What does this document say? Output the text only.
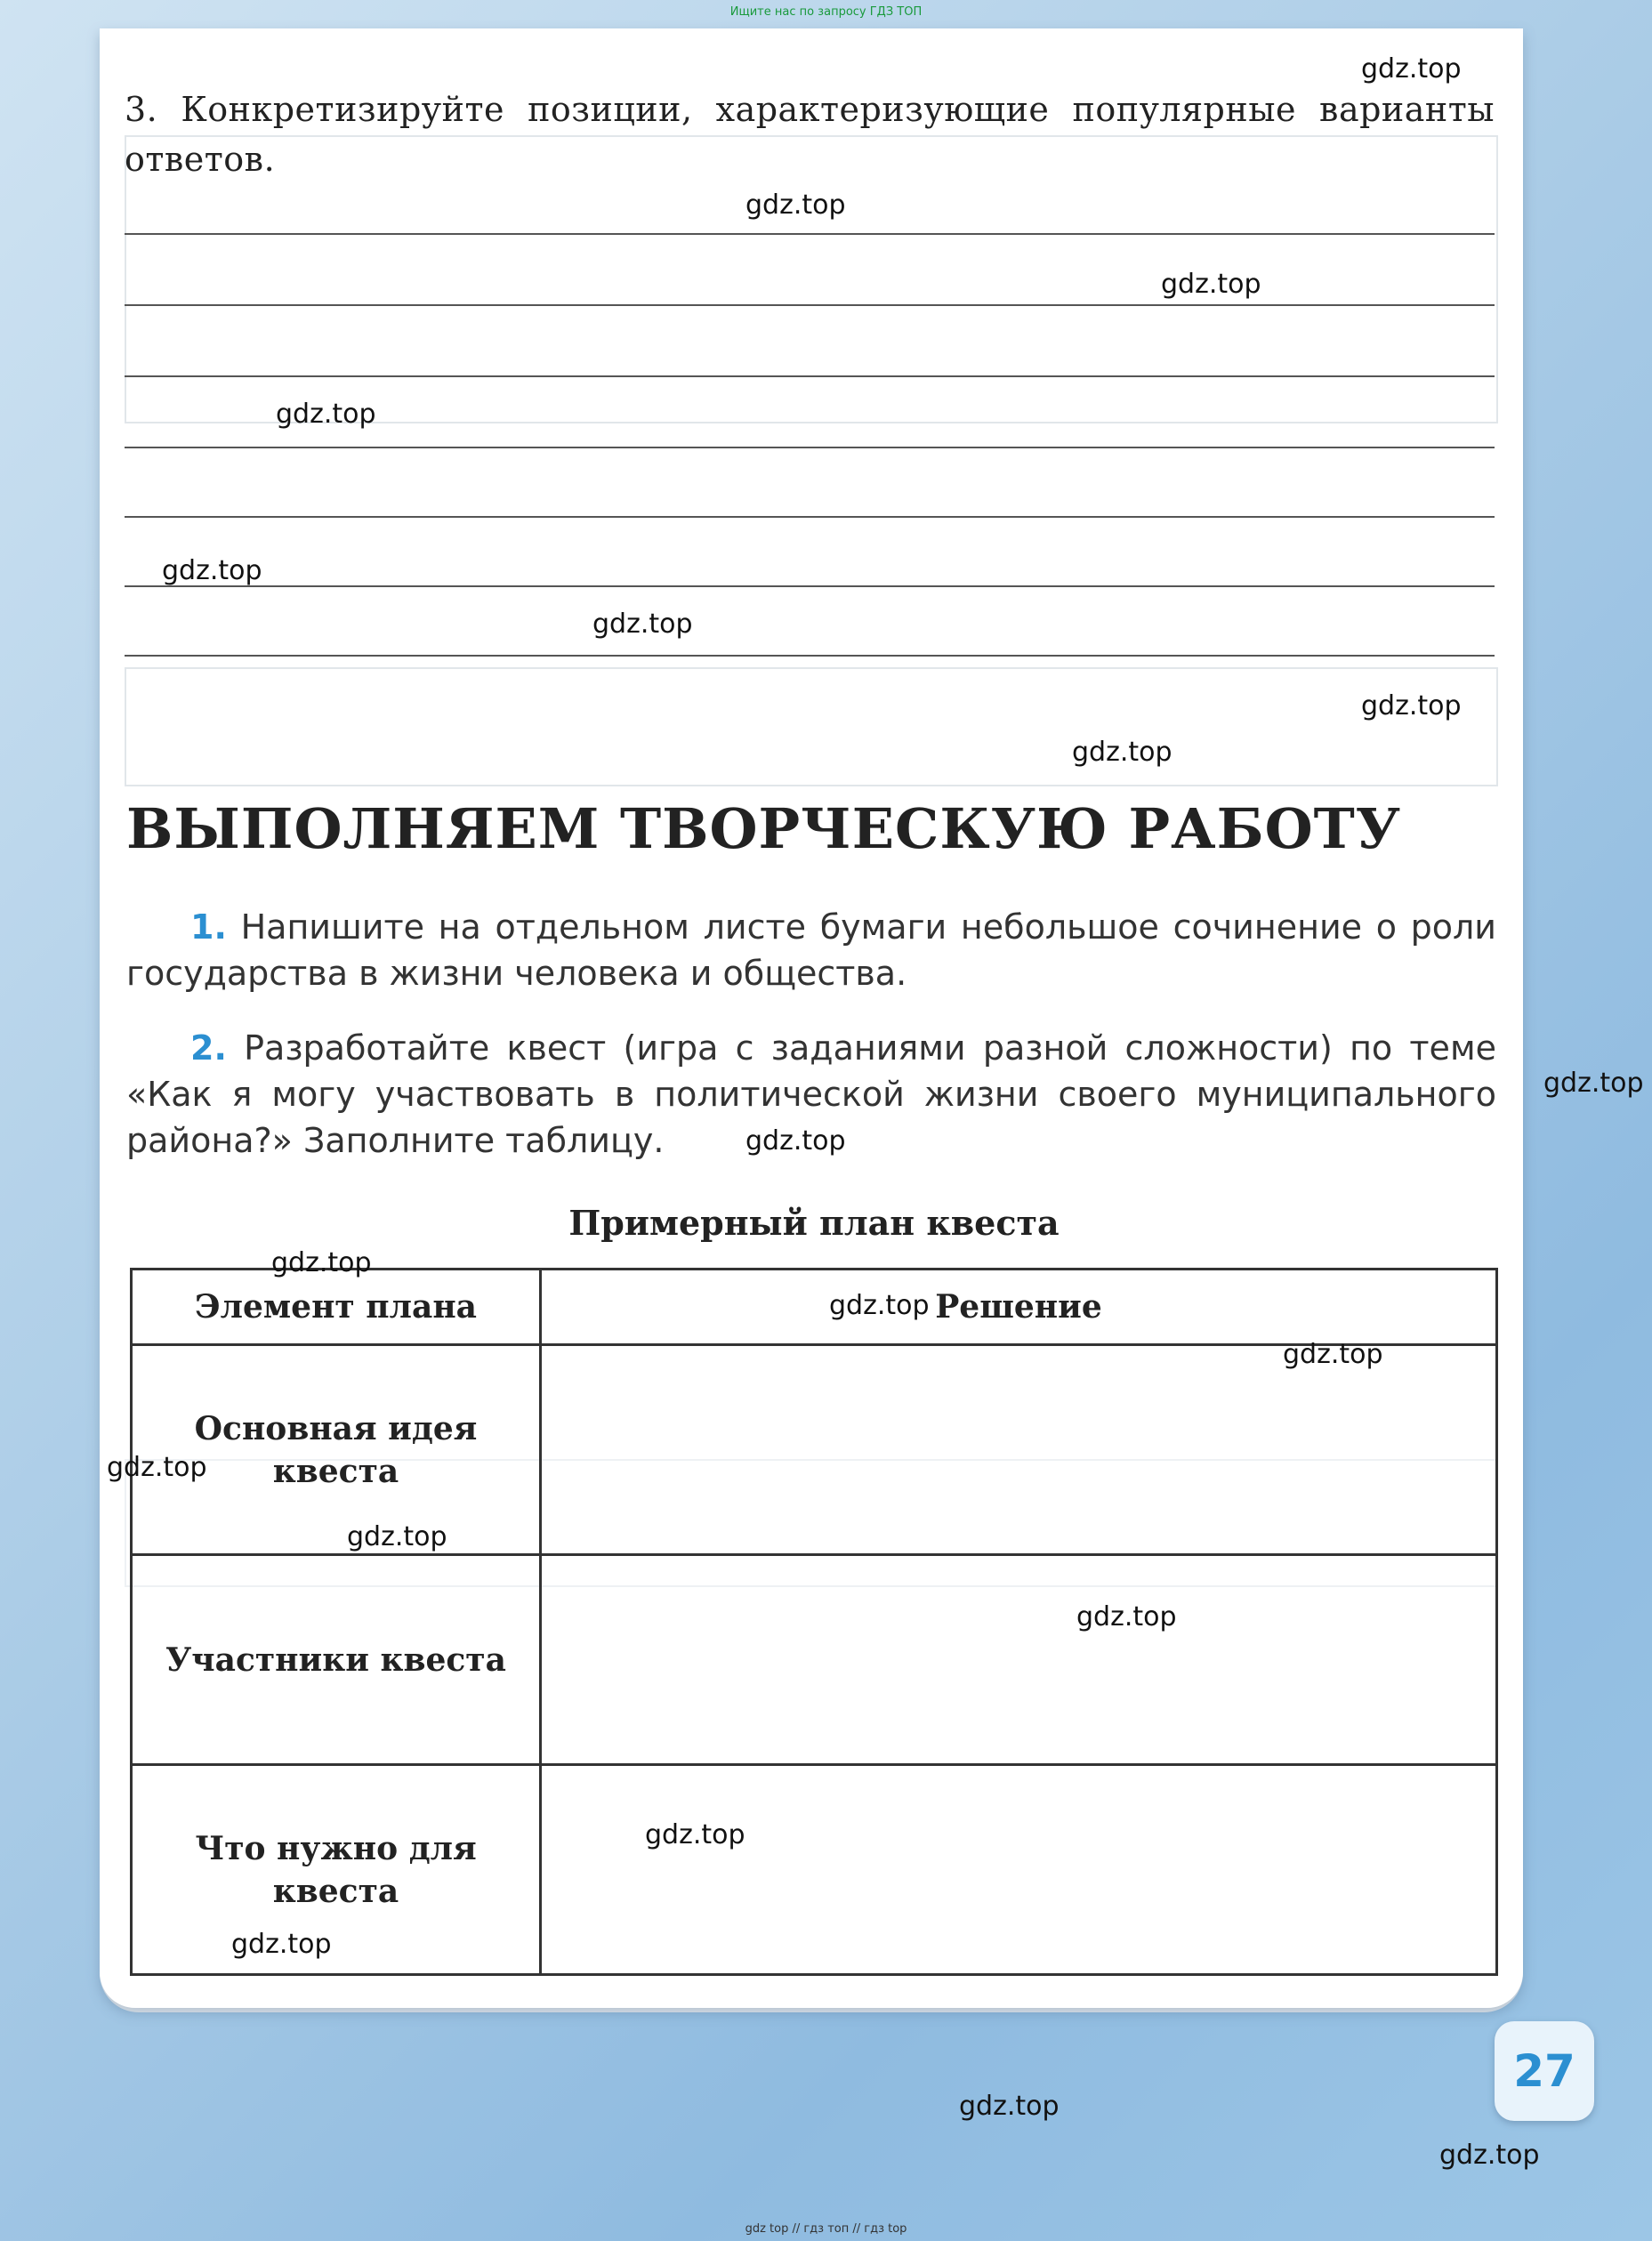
Ищите нас по запросу ГДЗ ТОП
3. Конкретизируйте позиции, характеризующие популярные варианты ответов.
ВЫПОЛНЯЕМ ТВОРЧЕСКУЮ РАБОТУ
1. Напишите на отдельном листе бумаги небольшое сочинение о роли государства в жизни человека и общества.
2. Разработайте квест (игра с заданиями разной сложности) по теме «Как я могу участвовать в политической жизни своего муниципального района?» Заполните таблицу.
Примерный план квеста
Элемент плана	Решение
Основная идея квеста	
Участники квеста	
Что нужно для квеста	
27
gdz.top
gdz.top
gdz.top
gdz.top
gdz.top
gdz.top
gdz.top
gdz.top
gdz.top
gdz.top
gdz.top
gdz.top
gdz.top
gdz.top
gdz.top
gdz.top
gdz.top
gdz.top
gdz.top
gdz.top
gdz top // гдз топ // гдз top
